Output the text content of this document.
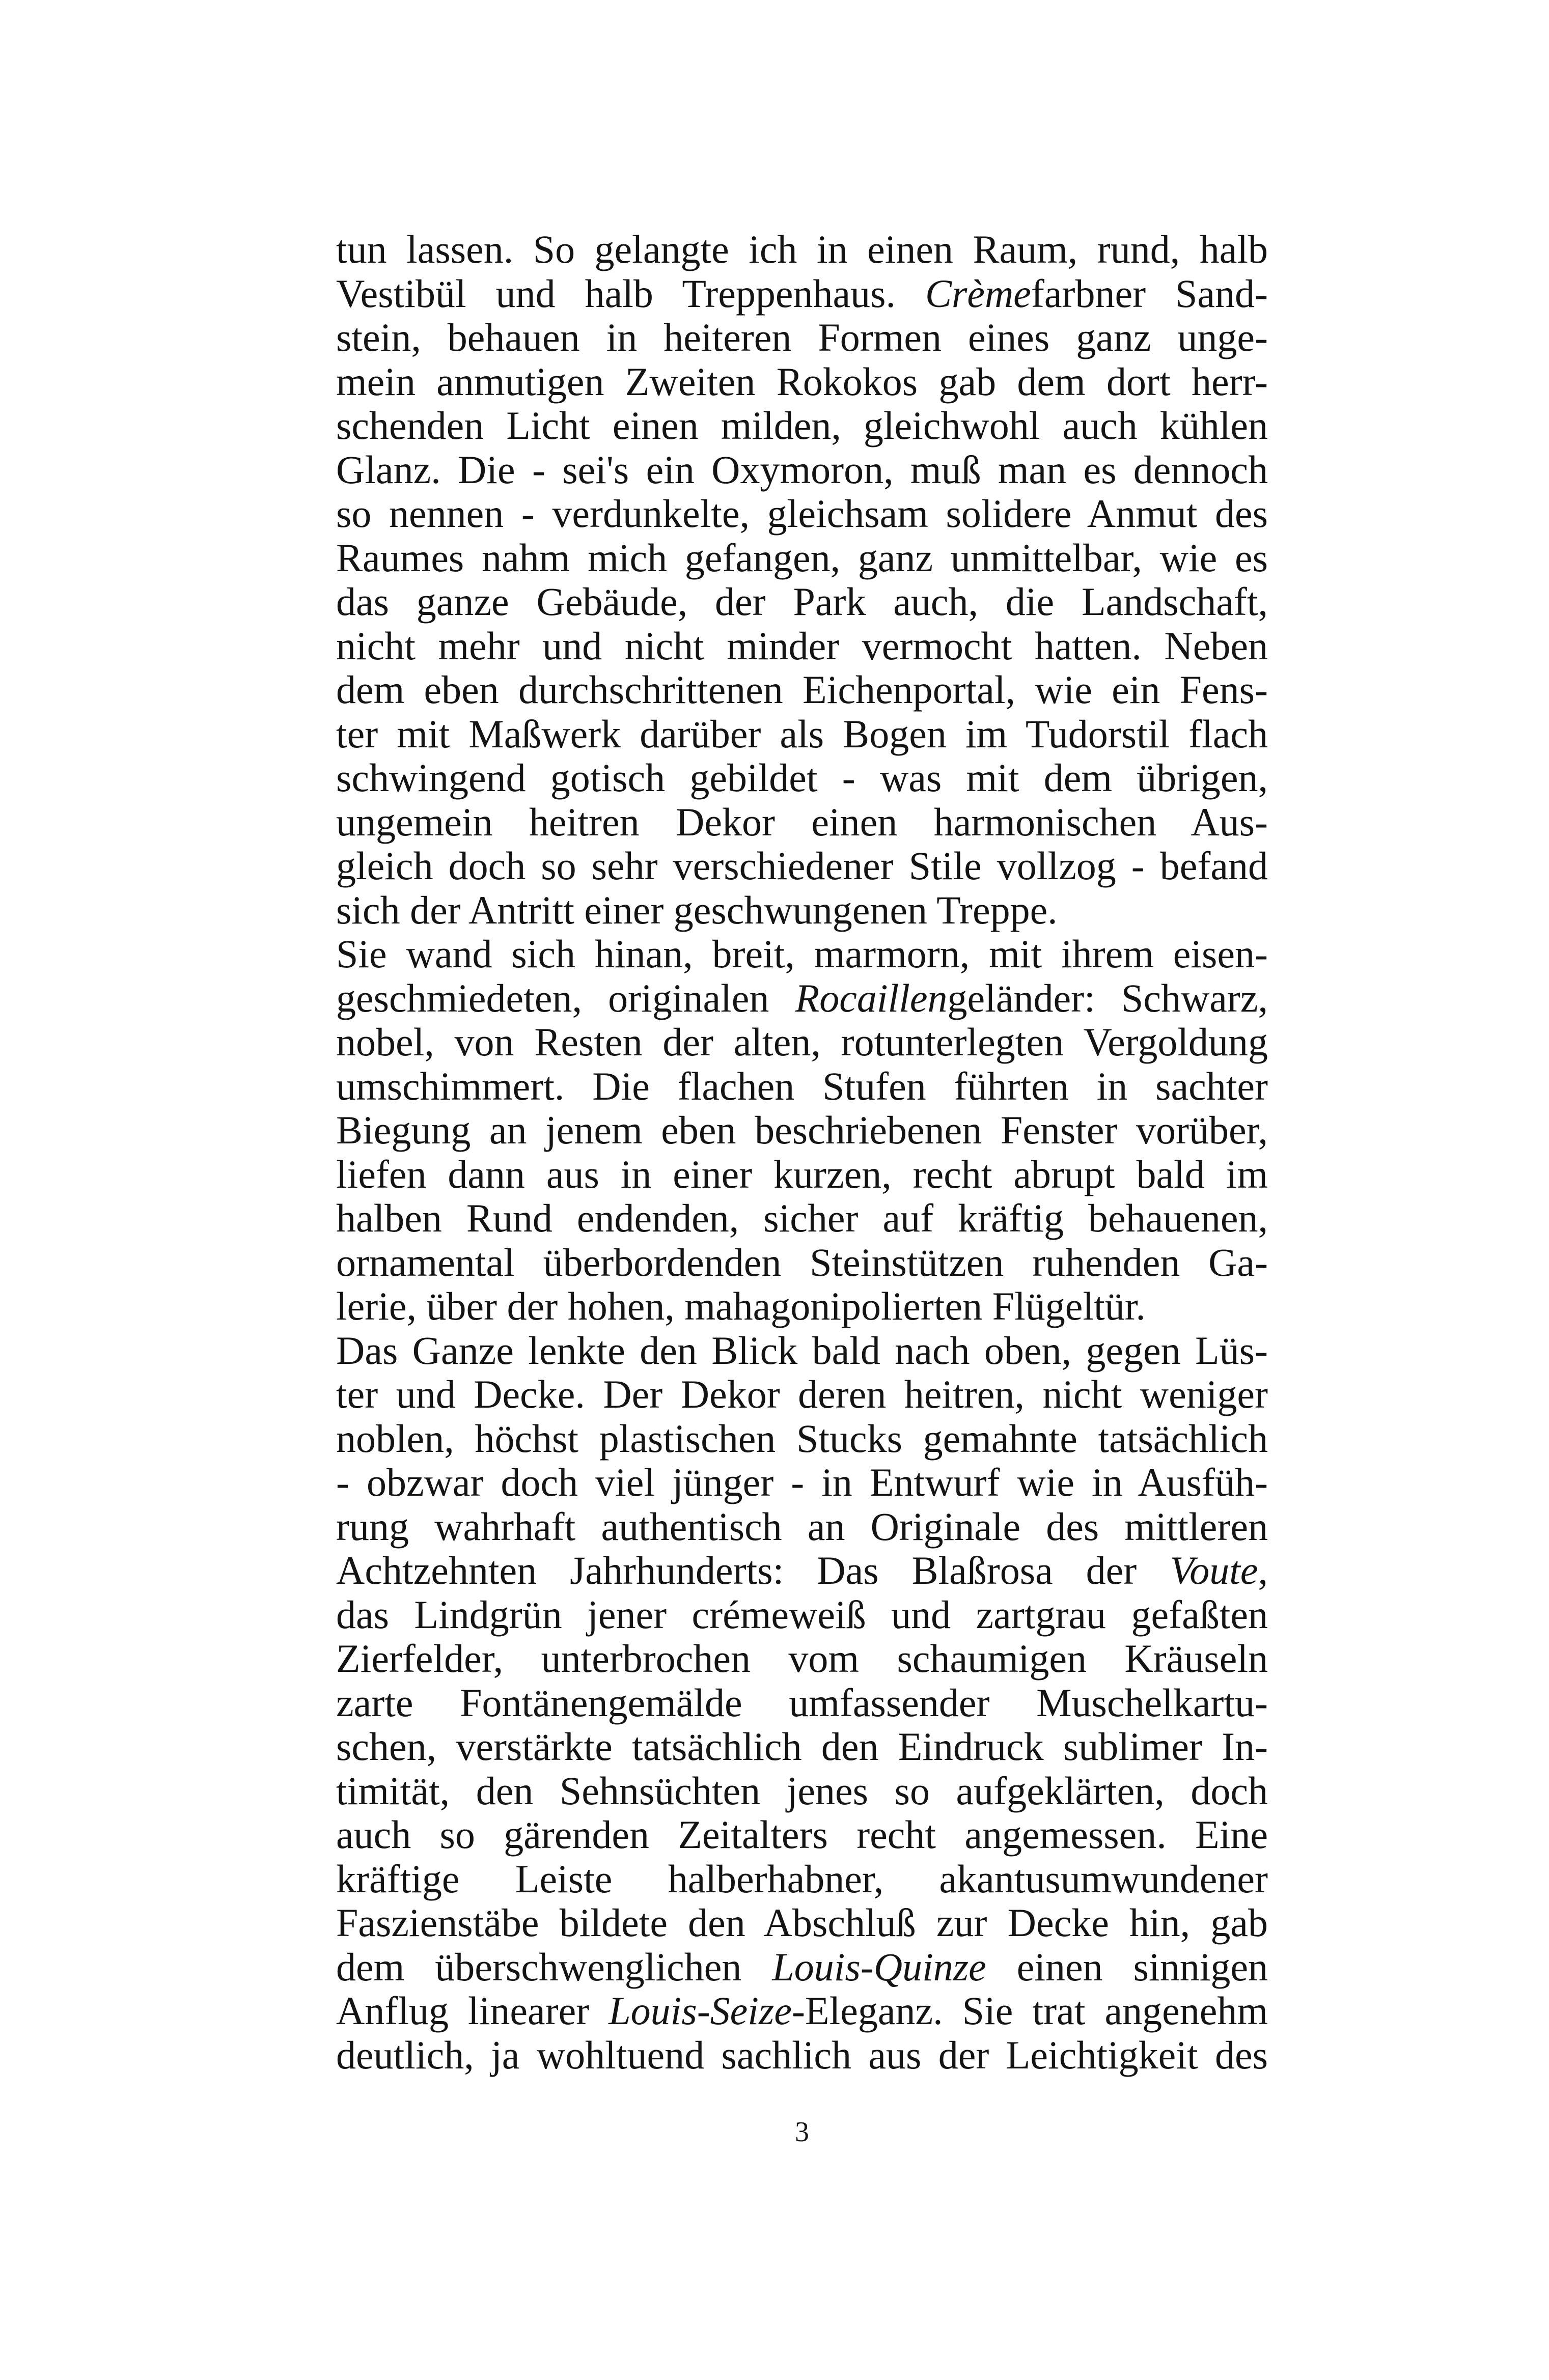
tun lassen. So gelangte ich in einen Raum, rund, halb
Vestibül und halb Treppenhaus. Crèmefarbner Sand-
stein, behauen in heiteren Formen eines ganz unge-
mein anmutigen Zweiten Rokokos gab dem dort herr-
schenden Licht einen milden, gleichwohl auch kühlen
Glanz. Die - sei's ein Oxymoron, muß man es dennoch
so nennen - verdunkelte, gleichsam solidere Anmut des
Raumes nahm mich gefangen, ganz unmittelbar, wie es
das ganze Gebäude, der Park auch, die Landschaft,
nicht mehr und nicht minder vermocht hatten. Neben
dem eben durchschrittenen Eichenportal, wie ein Fens-
ter mit Maßwerk darüber als Bogen im Tudorstil flach
schwingend gotisch gebildet - was mit dem übrigen,
ungemein heitren Dekor einen harmonischen Aus-
gleich doch so sehr verschiedener Stile vollzog - befand
sich der Antritt einer geschwungenen Treppe.
Sie wand sich hinan, breit, marmorn, mit ihrem eisen-
geschmiedeten, originalen Rocaillengeländer: Schwarz,
nobel, von Resten der alten, rotunterlegten Vergoldung
umschimmert. Die flachen Stufen führten in sachter
Biegung an jenem eben beschriebenen Fenster vorüber,
liefen dann aus in einer kurzen, recht abrupt bald im
halben Rund endenden, sicher auf kräftig behauenen,
ornamental überbordenden Steinstützen ruhenden Ga-
lerie, über der hohen, mahagonipolierten Flügeltür.
Das Ganze lenkte den Blick bald nach oben, gegen Lüs-
ter und Decke. Der Dekor deren heitren, nicht weniger
noblen, höchst plastischen Stucks gemahnte tatsächlich
- obzwar doch viel jünger - in Entwurf wie in Ausfüh-
rung wahrhaft authentisch an Originale des mittleren
Achtzehnten Jahrhunderts: Das Blaßrosa der Voute,
das Lindgrün jener crémeweiß und zartgrau gefaßten
Zierfelder, unterbrochen vom schaumigen Kräuseln
zarte Fontänengemälde umfassender Muschelkartu-
schen, verstärkte tatsächlich den Eindruck sublimer In-
timität, den Sehnsüchten jenes so aufgeklärten, doch
auch so gärenden Zeitalters recht angemessen. Eine
kräftige Leiste halberhabner, akantusumwundener
Faszienstäbe bildete den Abschluß zur Decke hin, gab
dem überschwenglichen Louis-Quinze einen sinnigen
Anflug linearer Louis-Seize-Eleganz. Sie trat angenehm
deutlich, ja wohltuend sachlich aus der Leichtigkeit des
3
